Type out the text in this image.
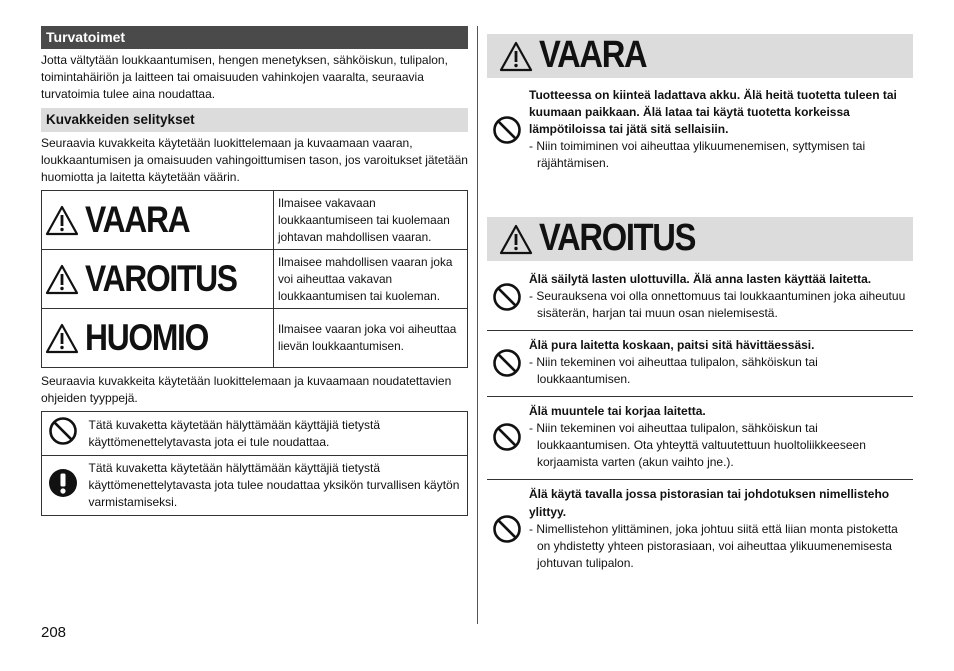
Turvatoimet

Jotta vältytään loukkaantumisen, hengen menetyksen, sähköiskun, tulipalon, toimintahäiriön ja laitteen tai omaisuuden vahinkojen vaaralta, seuraavia turvatoimia tulee aina noudattaa.

Kuvakkeiden selitykset

Seuraavia kuvakkeita käytetään luokittelemaan ja kuvaamaan vaaran, loukkaantumisen ja omaisuuden vahingoittumisen tason, jos varoitukset jätetään huomiotta ja laitetta käytetään väärin.

VAARA	Ilmaisee vakavaan loukkaantumiseen tai kuolemaan johtavan mahdollisen vaaran.
VAROITUS	Ilmaisee mahdollisen vaaran joka voi aiheuttaa vakavan loukkaantumisen tai kuoleman.
HUOMIO	Ilmaisee vaaran joka voi aiheuttaa lievän loukkaantumisen.

Seuraavia kuvakkeita käytetään luokittelemaan ja kuvaamaan noudatettavien ohjeiden tyyppejä.

	Tätä kuvaketta käytetään hälyttämään käyttäjiä tietystä käyttömenettelytavasta jota ei tule noudattaa.
	Tätä kuvaketta käytetään hälyttämään käyttäjiä tietystä käyttömenettelytavasta jota tulee noudattaa yksikön turvallisen käytön varmistamiseksi.
VAARA
Tuotteessa on kiinteä ladattava akku. Älä heitä tuotetta tuleen tai kuumaan paikkaan. Älä lataa tai käytä tuotetta korkeissa lämpötiloissa tai jätä sitä sellaisiin.
- Niin toimiminen voi aiheuttaa ylikuumenemisen, syttymisen tai räjähtämisen.
VAROITUS
Älä säilytä lasten ulottuvilla. Älä anna lasten käyttää laitetta.
- Seurauksena voi olla onnettomuus tai loukkaantuminen joka aiheutuu sisäterän, harjan tai muun osan nielemisestä.
Älä pura laitetta koskaan, paitsi sitä hävittäessäsi.
- Niin tekeminen voi aiheuttaa tulipalon, sähköiskun tai loukkaantumisen.
Älä muuntele tai korjaa laitetta.
- Niin tekeminen voi aiheuttaa tulipalon, sähköiskun tai loukkaantumisen. Ota yhteyttä valtuutettuun huoltoliikkeeseen korjaamista varten (akun vaihto jne.).
Älä käytä tavalla jossa pistorasian tai johdotuksen nimellisteho ylittyy.
- Nimellistehon ylittäminen, joka johtuu siitä että liian monta pistoketta on yhdistetty yhteen pistorasiaan, voi aiheuttaa ylikuumenemisesta johtuvan tulipalon.
208
